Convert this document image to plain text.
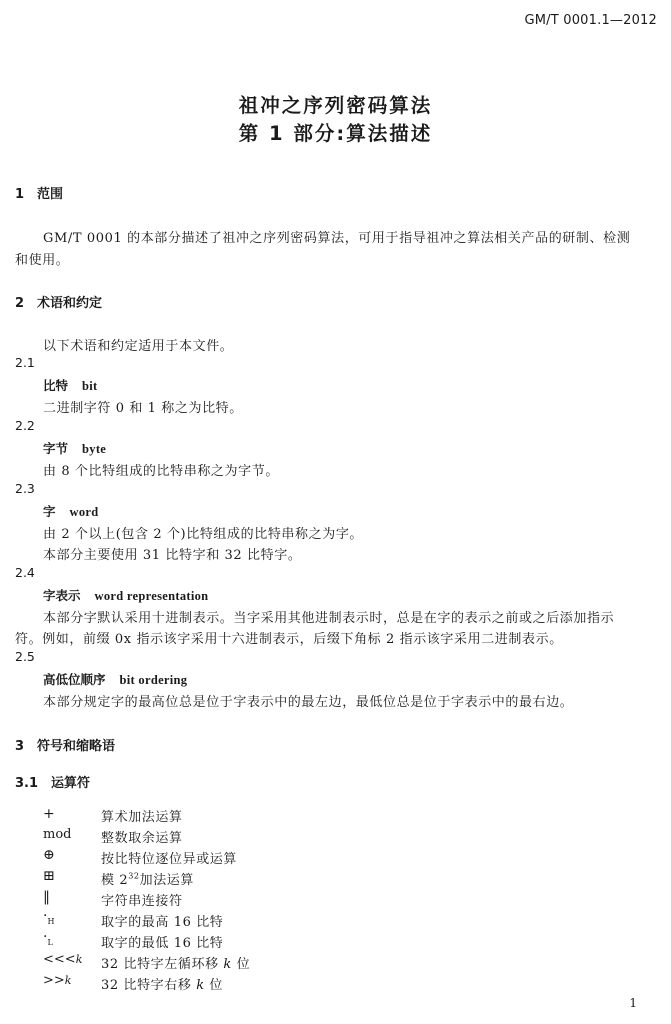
GM/T 0001.1—2012
祖冲之序列密码算法
第 1 部分:算法描述
1　范围
GM/T 0001 的本部分描述了祖冲之序列密码算法，可用于指导祖冲之算法相关产品的研制、检测
和使用。
2　术语和约定
以下术语和约定适用于本文件。
2.1
比特 bit
二进制字符 0 和 1 称之为比特。
2.2
字节 byte
由 8 个比特组成的比特串称之为字节。
2.3
字 word
由 2 个以上(包含 2 个)比特组成的比特串称之为字。
本部分主要使用 31 比特字和 32 比特字。
2.4
字表示 word representation
本部分字默认采用十进制表示。当字采用其他进制表示时，总是在字的表示之前或之后添加指示
符。例如，前缀 0x 指示该字采用十六进制表示，后缀下角标 2 指示该字采用二进制表示。
2.5
高低位顺序 bit ordering
本部分规定字的最高位总是位于字表示中的最左边，最低位总是位于字表示中的最右边。
3　符号和缩略语
3.1　运算符
+	算术加法运算
mod	整数取余运算
⊕	按比特位逐位异或运算
⊞	模 $2^{32}$加法运算
‖	字符串连接符
$\cdot_H$	取字的最高 16 比特
$\cdot_L$	取字的最低 16 比特
<<<k	32 比特字左循环移 k 位
>>k	32 比特字右移 k 位
1
